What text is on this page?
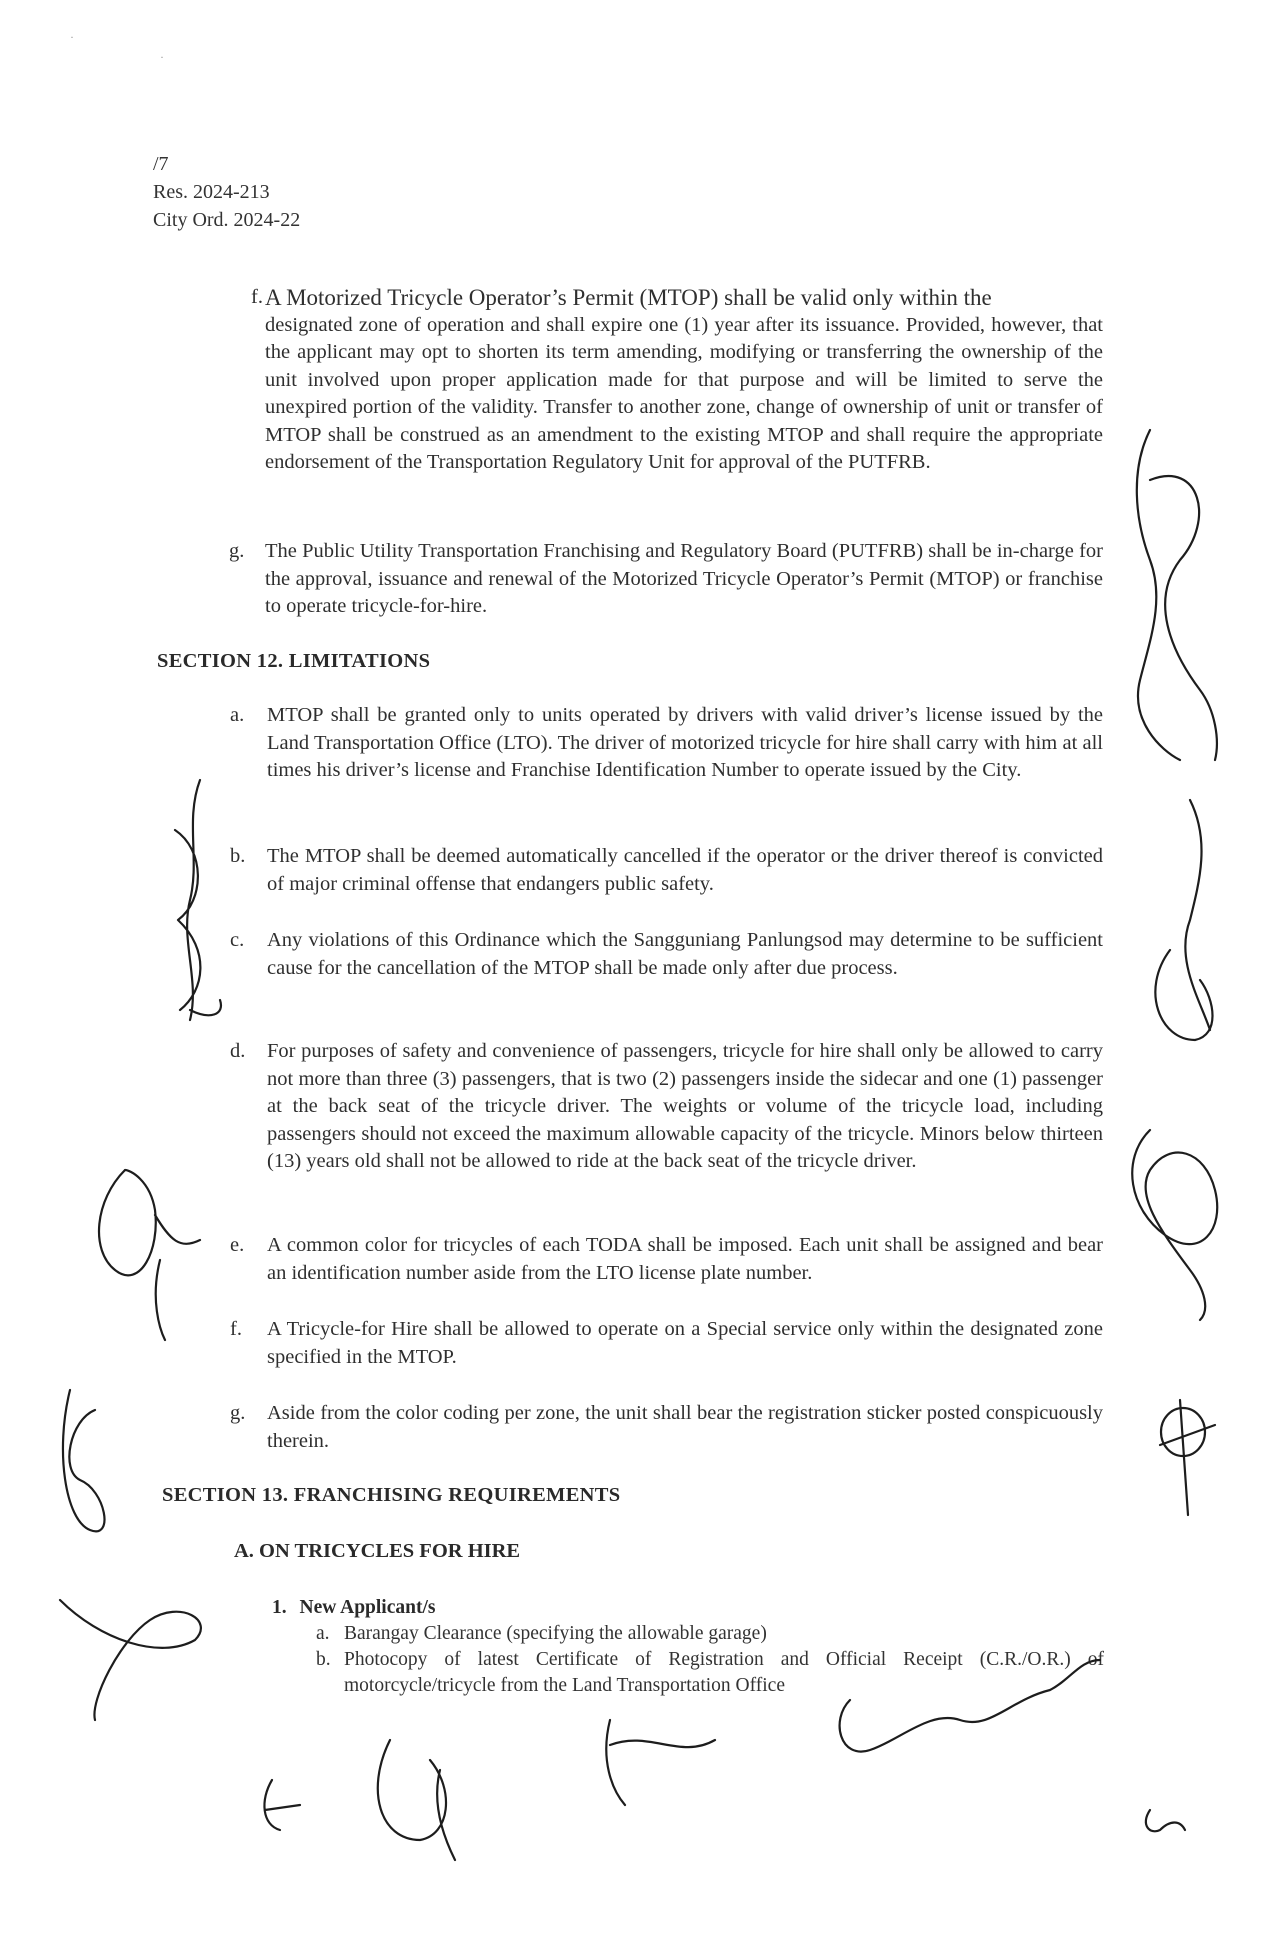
·
·
/7
Res. 2024-213
City Ord. 2024-22
f. A Motorized Tricycle Operator’s Permit (MTOP) shall be valid only within the
designated zone of operation and shall expire one (1) year after its issuance. Provided, however, that the applicant may opt to shorten its term amending, modifying or transferring the ownership of the unit involved upon proper application made for that purpose and will be limited to serve the unexpired portion of the validity. Transfer to another zone, change of ownership of unit or transfer of MTOP shall be construed as an amendment to the existing MTOP and shall require the appropriate endorsement of the Transportation Regulatory Unit for approval of the PUTFRB.
g. The Public Utility Transportation Franchising and Regulatory Board (PUTFRB) shall be in-charge for the approval, issuance and renewal of the Motorized Tricycle Operator’s Permit (MTOP) or franchise to operate tricycle-for-hire.
SECTION 12. LIMITATIONS
a. MTOP shall be granted only to units operated by drivers with valid driver’s license issued by the Land Transportation Office (LTO). The driver of motorized tricycle for hire shall carry with him at all times his driver’s license and Franchise Identification Number to operate issued by the City.
b. The MTOP shall be deemed automatically cancelled if the operator or the driver thereof is convicted of major criminal offense that endangers public safety.
c. Any violations of this Ordinance which the Sangguniang Panlungsod may determine to be sufficient cause for the cancellation of the MTOP shall be made only after due process.
d. For purposes of safety and convenience of passengers, tricycle for hire shall only be allowed to carry not more than three (3) passengers, that is two (2) passengers inside the sidecar and one (1) passenger at the back seat of the tricycle driver. The weights or volume of the tricycle load, including passengers should not exceed the maximum allowable capacity of the tricycle. Minors below thirteen (13) years old shall not be allowed to ride at the back seat of the tricycle driver.
e. A common color for tricycles of each TODA shall be imposed. Each unit shall be assigned and bear an identification number aside from the LTO license plate number.
f. A Tricycle-for Hire shall be allowed to operate on a Special service only within the designated zone specified in the MTOP.
g. Aside from the color coding per zone, the unit shall bear the registration sticker posted conspicuously therein.
SECTION 13. FRANCHISING REQUIREMENTS
A. ON TRICYCLES FOR HIRE
1. New Applicant/s
a. Barangay Clearance (specifying the allowable garage)
b. Photocopy of latest Certificate of Registration and Official Receipt (C.R./O.R.) of motorcycle/tricycle from the Land Transportation Office
